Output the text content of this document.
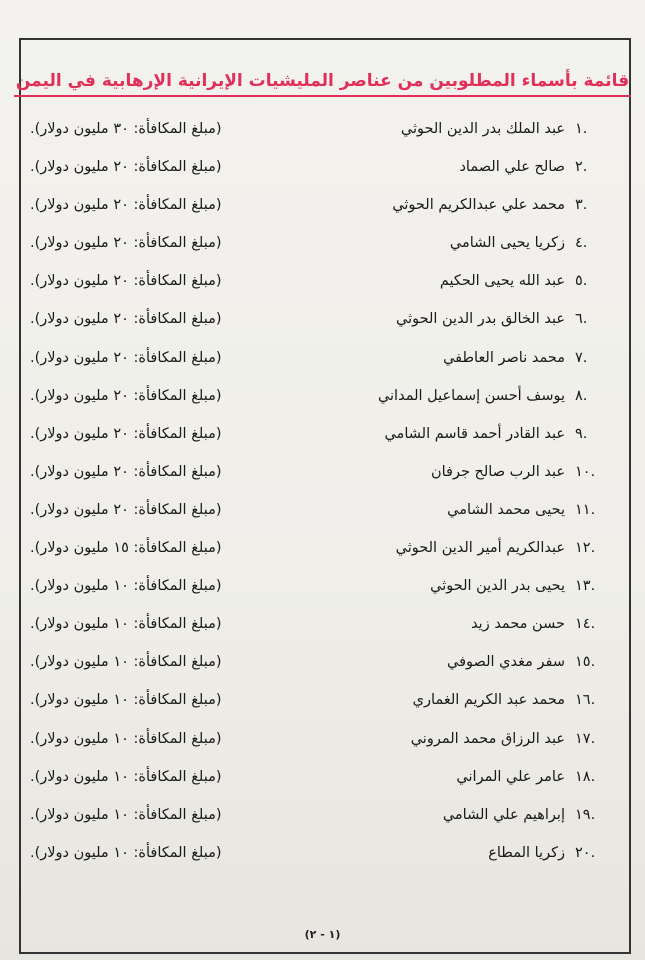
قائمة بأسماء المطلوبين من عناصر المليشيات الإيرانية الإرهابية في اليمن
١.
عبد الملك بدر الدين الحوثي
(مبلغ المكافأة: ٣٠ مليون دولار).
٢.
صالح علي الصماد
(مبلغ المكافأة: ٢٠ مليون دولار).
٣.
محمد علي عبدالكريم الحوثي
(مبلغ المكافأة: ٢٠ مليون دولار).
٤.
زكريا يحيى الشامي
(مبلغ المكافأة: ٢٠ مليون دولار).
٥.
عبد الله يحيى الحكيم
(مبلغ المكافأة: ٢٠ مليون دولار).
٦.
عبد الخالق بدر الدين الحوثي
(مبلغ المكافأة: ٢٠ مليون دولار).
٧.
محمد ناصر العاطفي
(مبلغ المكافأة: ٢٠ مليون دولار).
٨.
يوسف أحسن إسماعيل المداني
(مبلغ المكافأة: ٢٠ مليون دولار).
٩.
عبد القادر أحمد قاسم الشامي
(مبلغ المكافأة: ٢٠ مليون دولار).
١٠.
عبد الرب صالح جرفان
(مبلغ المكافأة: ٢٠ مليون دولار).
١١.
يحيى محمد الشامي
(مبلغ المكافأة: ٢٠ مليون دولار).
١٢.
عبدالكريم أمير الدين الحوثي
(مبلغ المكافأة: ١٥ مليون دولار).
١٣.
يحيى بدر الدين الحوثي
(مبلغ المكافأة: ١٠ مليون دولار).
١٤.
حسن محمد زيد
(مبلغ المكافأة: ١٠ مليون دولار).
١٥.
سفر مغدي الصوفي
(مبلغ المكافأة: ١٠ مليون دولار).
١٦.
محمد عبد الكريم الغماري
(مبلغ المكافأة: ١٠ مليون دولار).
١٧.
عبد الرزاق محمد المروني
(مبلغ المكافأة: ١٠ مليون دولار).
١٨.
عامر علي المراني
(مبلغ المكافأة: ١٠ مليون دولار).
١٩.
إبراهيم علي الشامي
(مبلغ المكافأة: ١٠ مليون دولار).
٢٠.
زكريا المطاع
(مبلغ المكافأة: ١٠ مليون دولار).
(١ - ٢)
